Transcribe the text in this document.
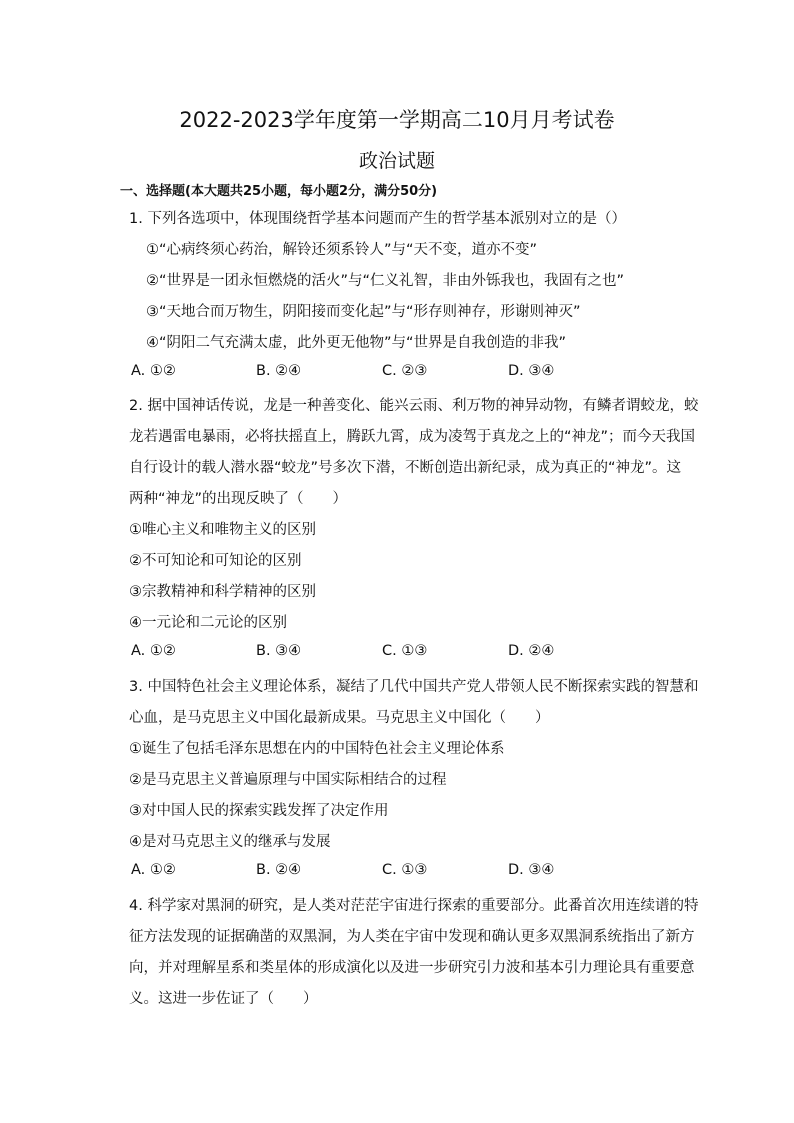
2022-2023学年度第一学期高二10月月考试卷
政治试题
一、选择题(本大题共25小题，每小题2分，满分50分)
1. 下列各选项中，体现围绕哲学基本问题而产生的哲学基本派别对立的是（）
①“心病终须心药治，解铃还须系铃人”与“天不变，道亦不变”
②“世界是一团永恒燃烧的活火”与“仁义礼智，非由外铄我也，我固有之也”
③“天地合而万物生，阴阳接而变化起”与“形存则神存，形谢则神灭”
④“阴阳二气充满太虚，此外更无他物”与“世界是自我创造的非我”
A. ①②	B. ②④	C. ②③	D. ③④
2. 据中国神话传说，龙是一种善变化、能兴云雨、利万物的神异动物，有鳞者谓蛟龙，蛟
龙若遇雷电暴雨，必将扶摇直上，腾跃九霄，成为凌驾于真龙之上的“神龙”；而今天我国
自行设计的载人潜水器“蛟龙”号多次下潜，不断创造出新纪录，成为真正的“神龙”。这
两种“神龙”的出现反映了（　　）
①唯心主义和唯物主义的区别
②不可知论和可知论的区别
③宗教精神和科学精神的区别
④一元论和二元论的区别
A. ①②	B. ③④	C. ①③	D. ②④
3. 中国特色社会主义理论体系，凝结了几代中国共产党人带领人民不断探索实践的智慧和
心血，是马克思主义中国化最新成果。马克思主义中国化（　　）
①诞生了包括毛泽东思想在内的中国特色社会主义理论体系
②是马克思主义普遍原理与中国实际相结合的过程
③对中国人民的探索实践发挥了决定作用
④是对马克思主义的继承与发展
A. ①②	B. ②④	C. ①③	D. ③④
4. 科学家对黑洞的研究，是人类对茫茫宇宙进行探索的重要部分。此番首次用连续谱的特
征方法发现的证据确凿的双黑洞，为人类在宇宙中发现和确认更多双黑洞系统指出了新方
向，并对理解星系和类星体的形成演化以及进一步研究引力波和基本引力理论具有重要意
义。这进一步佐证了（　　）
